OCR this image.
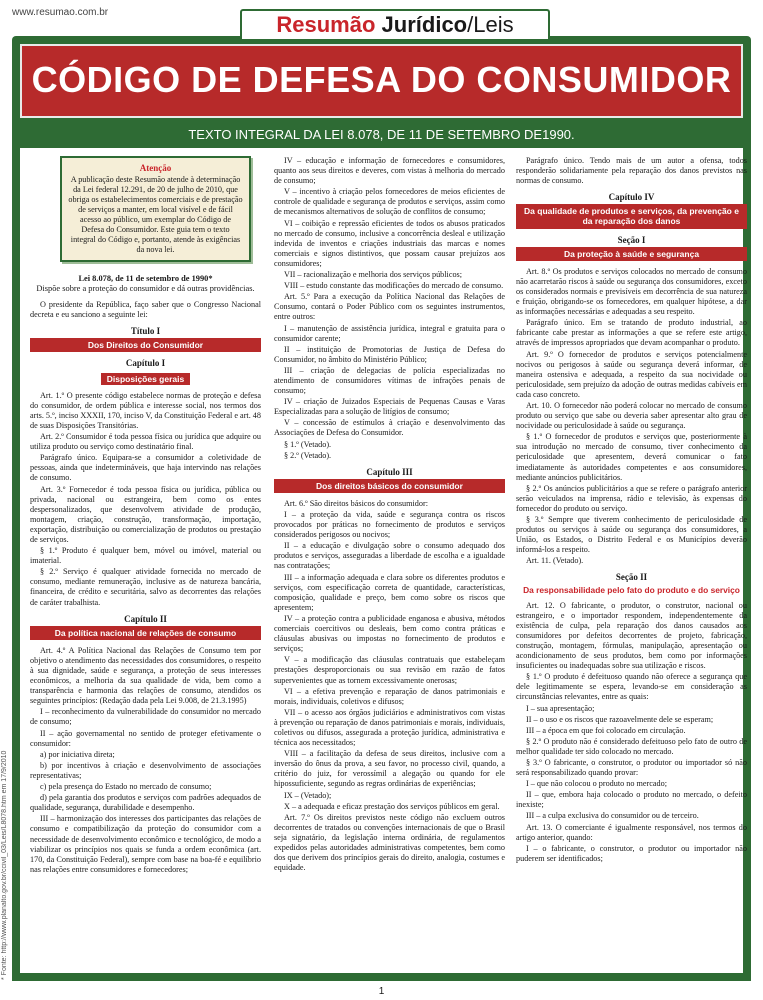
www.resumao.com.br	Resumão Jurídico/Leis
CÓDIGO DE DEFESA DO CONSUMIDOR
TEXTO INTEGRAL DA LEI 8.078, DE 11 DE SETEMBRO DE1990.
* Fonte: http://www.planalto.gov.br/ccivil_03/Leis/L8078.htm em 17/9/2010
Atenção
A publicação deste Resumão atende à determinação da Lei federal 12.291, de 20 de julho de 2010, que obriga os estabelecimentos comerciais e de prestação de serviços a manter, em local visível e de fácil acesso ao público, um exemplar do Código de Defesa do Consumidor. Este guia tem o texto integral do Código e, portanto, atende às exigências da nova lei.
Lei 8.078, de 11 de setembro de 1990*
Dispõe sobre a proteção do consumidor e dá outras providências.

O presidente da República, faço saber que o Congresso Nacional decreta e eu sanciono a seguinte lei:

Título I
Dos Direitos do Consumidor
Capítulo I
Disposições gerais

Art. 1.º O presente código estabelece normas de proteção e defesa do consumidor, de ordem pública e interesse social, nos termos dos arts. 5.º, inciso XXXII, 170, inciso V, da Constituição Federal e art. 48 de suas Disposições Transitórias.

Art. 2.º Consumidor é toda pessoa física ou jurídica que adquire ou utiliza produto ou serviço como destinatário final.

Parágrafo único. Equipara-se a consumidor a coletividade de pessoas, ainda que indetermináveis, que haja intervindo nas relações de consumo.

Art. 3.º Fornecedor é toda pessoa física ou jurídica, pública ou privada, nacional ou estrangeira, bem como os entes despersonalizados, que desenvolvem atividade de produção, montagem, criação, construção, transformação, importação, exportação, distribuição ou comercialização de produtos ou prestação de serviços.

§ 1.º Produto é qualquer bem, móvel ou imóvel, material ou imaterial.

§ 2.º Serviço é qualquer atividade fornecida no mercado de consumo, mediante remuneração, inclusive as de natureza bancária, financeira, de crédito e securitária, salvo as decorrentes das relações de caráter trabalhista.

Capítulo II
Da política nacional de relações de consumo

Art. 4.º A Política Nacional das Relações de Consumo tem por objetivo o atendimento das necessidades dos consumidores, o respeito à sua dignidade, saúde e segurança, a proteção de seus interesses econômicos, a melhoria da sua qualidade de vida, bem como a transparência e harmonia das relações de consumo, atendidos os seguintes princípios: (Redação dada pela Lei 9.008, de 21.3.1995)

I – reconhecimento da vulnerabilidade do consumidor no mercado de consumo;

II – ação governamental no sentido de proteger efetivamente o consumidor:

a) por iniciativa direta;

b) por incentivos à criação e desenvolvimento de associações representativas;

c) pela presença do Estado no mercado de consumo;

d) pela garantia dos produtos e serviços com padrões adequados de qualidade, segurança, durabilidade e desempenho.

III – harmonização dos interesses dos participantes das relações de consumo e compatibilização da proteção do consumidor com a necessidade de desenvolvimento econômico e tecnológico, de modo a viabilizar os princípios nos quais se funda a ordem econômica (art. 170, da Constituição Federal), sempre com base na boa-fé e equilíbrio nas relações entre consumidores e fornecedores;

IV – educação e informação de fornecedores e consumidores, quanto aos seus direitos e deveres, com vistas à melhoria do mercado de consumo;

V – incentivo à criação pelos fornecedores de meios eficientes de controle de qualidade e segurança de produtos e serviços, assim como de mecanismos alternativos de solução de conflitos de consumo;

VI – coibição e repressão eficientes de todos os abusos praticados no mercado de consumo, inclusive a concorrência desleal e utilização indevida de inventos e criações industriais das marcas e nomes comerciais e signos distintivos, que possam causar prejuízos aos consumidores;

VII – racionalização e melhoria dos serviços públicos;

VIII – estudo constante das modificações do mercado de consumo.

Art. 5.º Para a execução da Política Nacional das Relações de Consumo, contará o Poder Público com os seguintes instrumentos, entre outros:

I – manutenção de assistência jurídica, integral e gratuita para o consumidor carente;

II – instituição de Promotorias de Justiça de Defesa do Consumidor, no âmbito do Ministério Público;

III – criação de delegacias de polícia especializadas no atendimento de consumidores vítimas de infrações penais de consumo;

IV – criação de Juizados Especiais de Pequenas Causas e Varas Especializadas para a solução de litígios de consumo;

V – concessão de estímulos à criação e desenvolvimento das Associações de Defesa do Consumidor.

§ 1.º (Vetado).

§ 2.º (Vetado).

Capítulo III
Dos direitos básicos do consumidor

Art. 6.º São direitos básicos do consumidor:

I – a proteção da vida, saúde e segurança contra os riscos provocados por práticas no fornecimento de produtos e serviços considerados perigosos ou nocivos;

II – a educação e divulgação sobre o consumo adequado dos produtos e serviços, asseguradas a liberdade de escolha e a igualdade nas contratações;

III – a informação adequada e clara sobre os diferentes produtos e serviços, com especificação correta de quantidade, características, composição, qualidade e preço, bem como sobre os riscos que apresentem;

IV – a proteção contra a publicidade enganosa e abusiva, métodos comerciais coercitivos ou desleais, bem como contra práticas e cláusulas abusivas ou impostas no fornecimento de produtos e serviços;

V – a modificação das cláusulas contratuais que estabeleçam prestações desproporcionais ou sua revisão em razão de fatos supervenientes que as tornem excessivamente onerosas;

VI – a efetiva prevenção e reparação de danos patrimoniais e morais, individuais, coletivos e difusos;

VII – o acesso aos órgãos judiciários e administrativos com vistas à prevenção ou reparação de danos patrimoniais e morais, individuais, coletivos ou difusos, assegurada a proteção jurídica, administrativa e técnica aos necessitados;

VIII – a facilitação da defesa de seus direitos, inclusive com a inversão do ônus da prova, a seu favor, no processo civil, quando, a critério do juiz, for verossímil a alegação ou quando for ele hipossuficiente, segundo as regras ordinárias de experiências;

IX – (Vetado);

X – a adequada e eficaz prestação dos serviços públicos em geral.

Art. 7.º Os direitos previstos neste código não excluem outros decorrentes de tratados ou convenções internacionais de que o Brasil seja signatário, da legislação interna ordinária, de regulamentos expedidos pelas autoridades administrativas competentes, bem como dos que derivem dos princípios gerais do direito, analogia, costumes e equidade.

Parágrafo único. Tendo mais de um autor a ofensa, todos responderão solidariamente pela reparação dos danos previstos nas normas de consumo.

Capítulo IV
Da qualidade de produtos e serviços, da prevenção e da reparação dos danos
Seção I
Da proteção à saúde e segurança

Art. 8.º Os produtos e serviços colocados no mercado de consumo não acarretarão riscos à saúde ou segurança dos consumidores, exceto os considerados normais e previsíveis em decorrência de sua natureza e fruição, obrigando-se os fornecedores, em qualquer hipótese, a dar as informações necessárias e adequadas a seu respeito.

Parágrafo único. Em se tratando de produto industrial, ao fabricante cabe prestar as informações a que se refere este artigo, através de impressos apropriados que devam acompanhar o produto.

Art. 9.º O fornecedor de produtos e serviços potencialmente nocivos ou perigosos à saúde ou segurança deverá informar, de maneira ostensiva e adequada, a respeito da sua nocividade ou periculosidade, sem prejuízo da adoção de outras medidas cabíveis em cada caso concreto.

Art. 10. O fornecedor não poderá colocar no mercado de consumo produto ou serviço que sabe ou deveria saber apresentar alto grau de nocividade ou periculosidade à saúde ou segurança.

§ 1.º O fornecedor de produtos e serviços que, posteriormente à sua introdução no mercado de consumo, tiver conhecimento da periculosidade que apresentem, deverá comunicar o fato imediatamente às autoridades competentes e aos consumidores, mediante anúncios publicitários.

§ 2.º Os anúncios publicitários a que se refere o parágrafo anterior serão veiculados na imprensa, rádio e televisão, às expensas do fornecedor do produto ou serviço.

§ 3.º Sempre que tiverem conhecimento de periculosidade de produtos ou serviços à saúde ou segurança dos consumidores, a União, os Estados, o Distrito Federal e os Municípios deverão informá-los a respeito.

Art. 11. (Vetado).

Seção II
Da responsabilidade pelo fato do produto e do serviço

Art. 12. O fabricante, o produtor, o construtor, nacional ou estrangeiro, e o importador respondem, independentemente da existência de culpa, pela reparação dos danos causados aos consumidores por defeitos decorrentes de projeto, fabricação, construção, montagem, fórmulas, manipulação, apresentação ou acondicionamento de seus produtos, bem como por informações insuficientes ou inadequadas sobre sua utilização e riscos.

§ 1.º O produto é defeituoso quando não oferece a segurança que dele legitimamente se espera, levando-se em consideração as circunstâncias relevantes, entre as quais:

I – sua apresentação;

II – o uso e os riscos que razoavelmente dele se esperam;

III – a época em que foi colocado em circulação.

§ 2.º O produto não é considerado defeituoso pelo fato de outro de melhor qualidade ter sido colocado no mercado.

§ 3.º O fabricante, o construtor, o produtor ou importador só não será responsabilizado quando provar:

I – que não colocou o produto no mercado;

II – que, embora haja colocado o produto no mercado, o defeito inexiste;

III – a culpa exclusiva do consumidor ou de terceiro.

Art. 13. O comerciante é igualmente responsável, nos termos do artigo anterior, quando:

I – o fabricante, o construtor, o produtor ou importador não puderem ser identificados;

1
